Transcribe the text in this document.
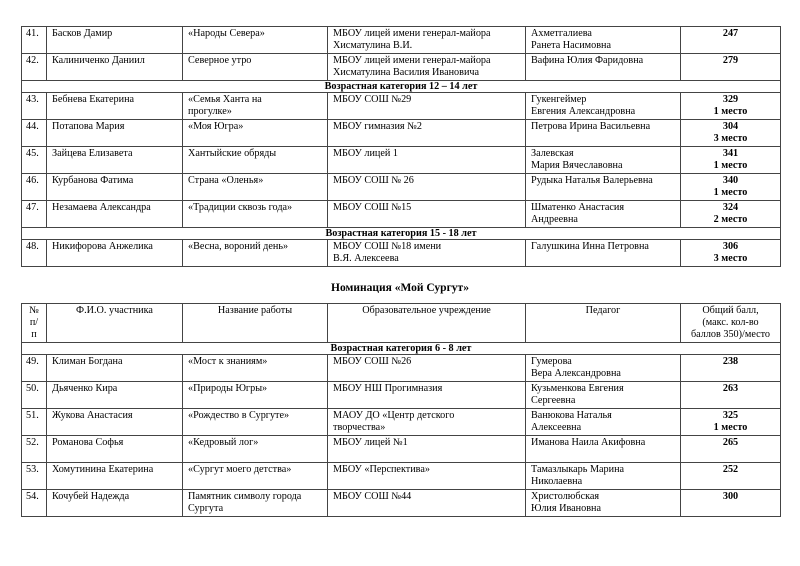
41.	Басков Дамир	«Народы Севера»	МБОУ лицей имени генерал-майора
Хисматулина В.И.	Ахметгалиева
Ранета Насимовна	247

42.	Калиниченко Даниил	Северное утро	МБОУ лицей имени генерал-майора
Хисматулина Василия Ивановича	Вафина Юлия Фаридовна	279

Возрастная категория 12 – 14 лет					
43.	Бебнева Екатерина	«Семья Ханта на
прогулке»	МБОУ СОШ №29	Гукенгеймер
Евгения Александровна	329
1 место

44.	Потапова Мария	«Моя Югра»	МБОУ гимназия №2	Петрова Ирина Васильевна	304
3 место

45.	Зайцева Елизавета	Хантыйские обряды	МБОУ лицей 1	Залевская
Мария Вячеславовна	341
1 место

46.	Курбанова Фатима	Страна «Оленья»	МБОУ СОШ № 26	Рудыка Наталья Валерьевна	340
1 место

47.	Незамаева Александра	«Традиции сквозь года»	МБОУ СОШ №15	Шматенко Анастасия
Андреевна	324
2 место

Возрастная категория 15 - 18 лет					
48.	Никифорова Анжелика	«Весна, вороний день»	МБОУ СОШ №18 имени
В.Я. Алексеева	Галушкина Инна Петровна	306
3 место
Номинация «Мой Сургут»
№
п/
п	Ф.И.О. участника	Название работы	Образовательное учреждение	Педагог	Общий балл,
(макс. кол-во
баллов 350)/место

Возрастная категория 6 - 8 лет					
49.	Климан Богдана	«Мост к знаниям»	МБОУ СОШ №26	Гумерова
Вера Александровна	238

50.	Дьяченко Кира	«Природы Югры»	МБОУ НШ Прогимназия	Кузьменкова Евгения
Сергеевна	263

51.	Жукова Анастасия	«Рождество в Сургуте»	МАОУ ДО «Центр детского
творчества»	Ванюкова Наталья
Алексеевна	325
1 место

52.	Романова Софья	«Кедровый лог»	МБОУ лицей №1	Иманова Наила Акифовна	265

53.	Хомутинина Екатерина	«Сургут моего детства»	МБОУ «Перспектива»	Тамазлыкарь Марина
Николаевна	252

54.	Кочубей Надежда	Памятник символу города
Сургута	МБОУ СОШ №44	Христолюбская
Юлия Ивановна	300
